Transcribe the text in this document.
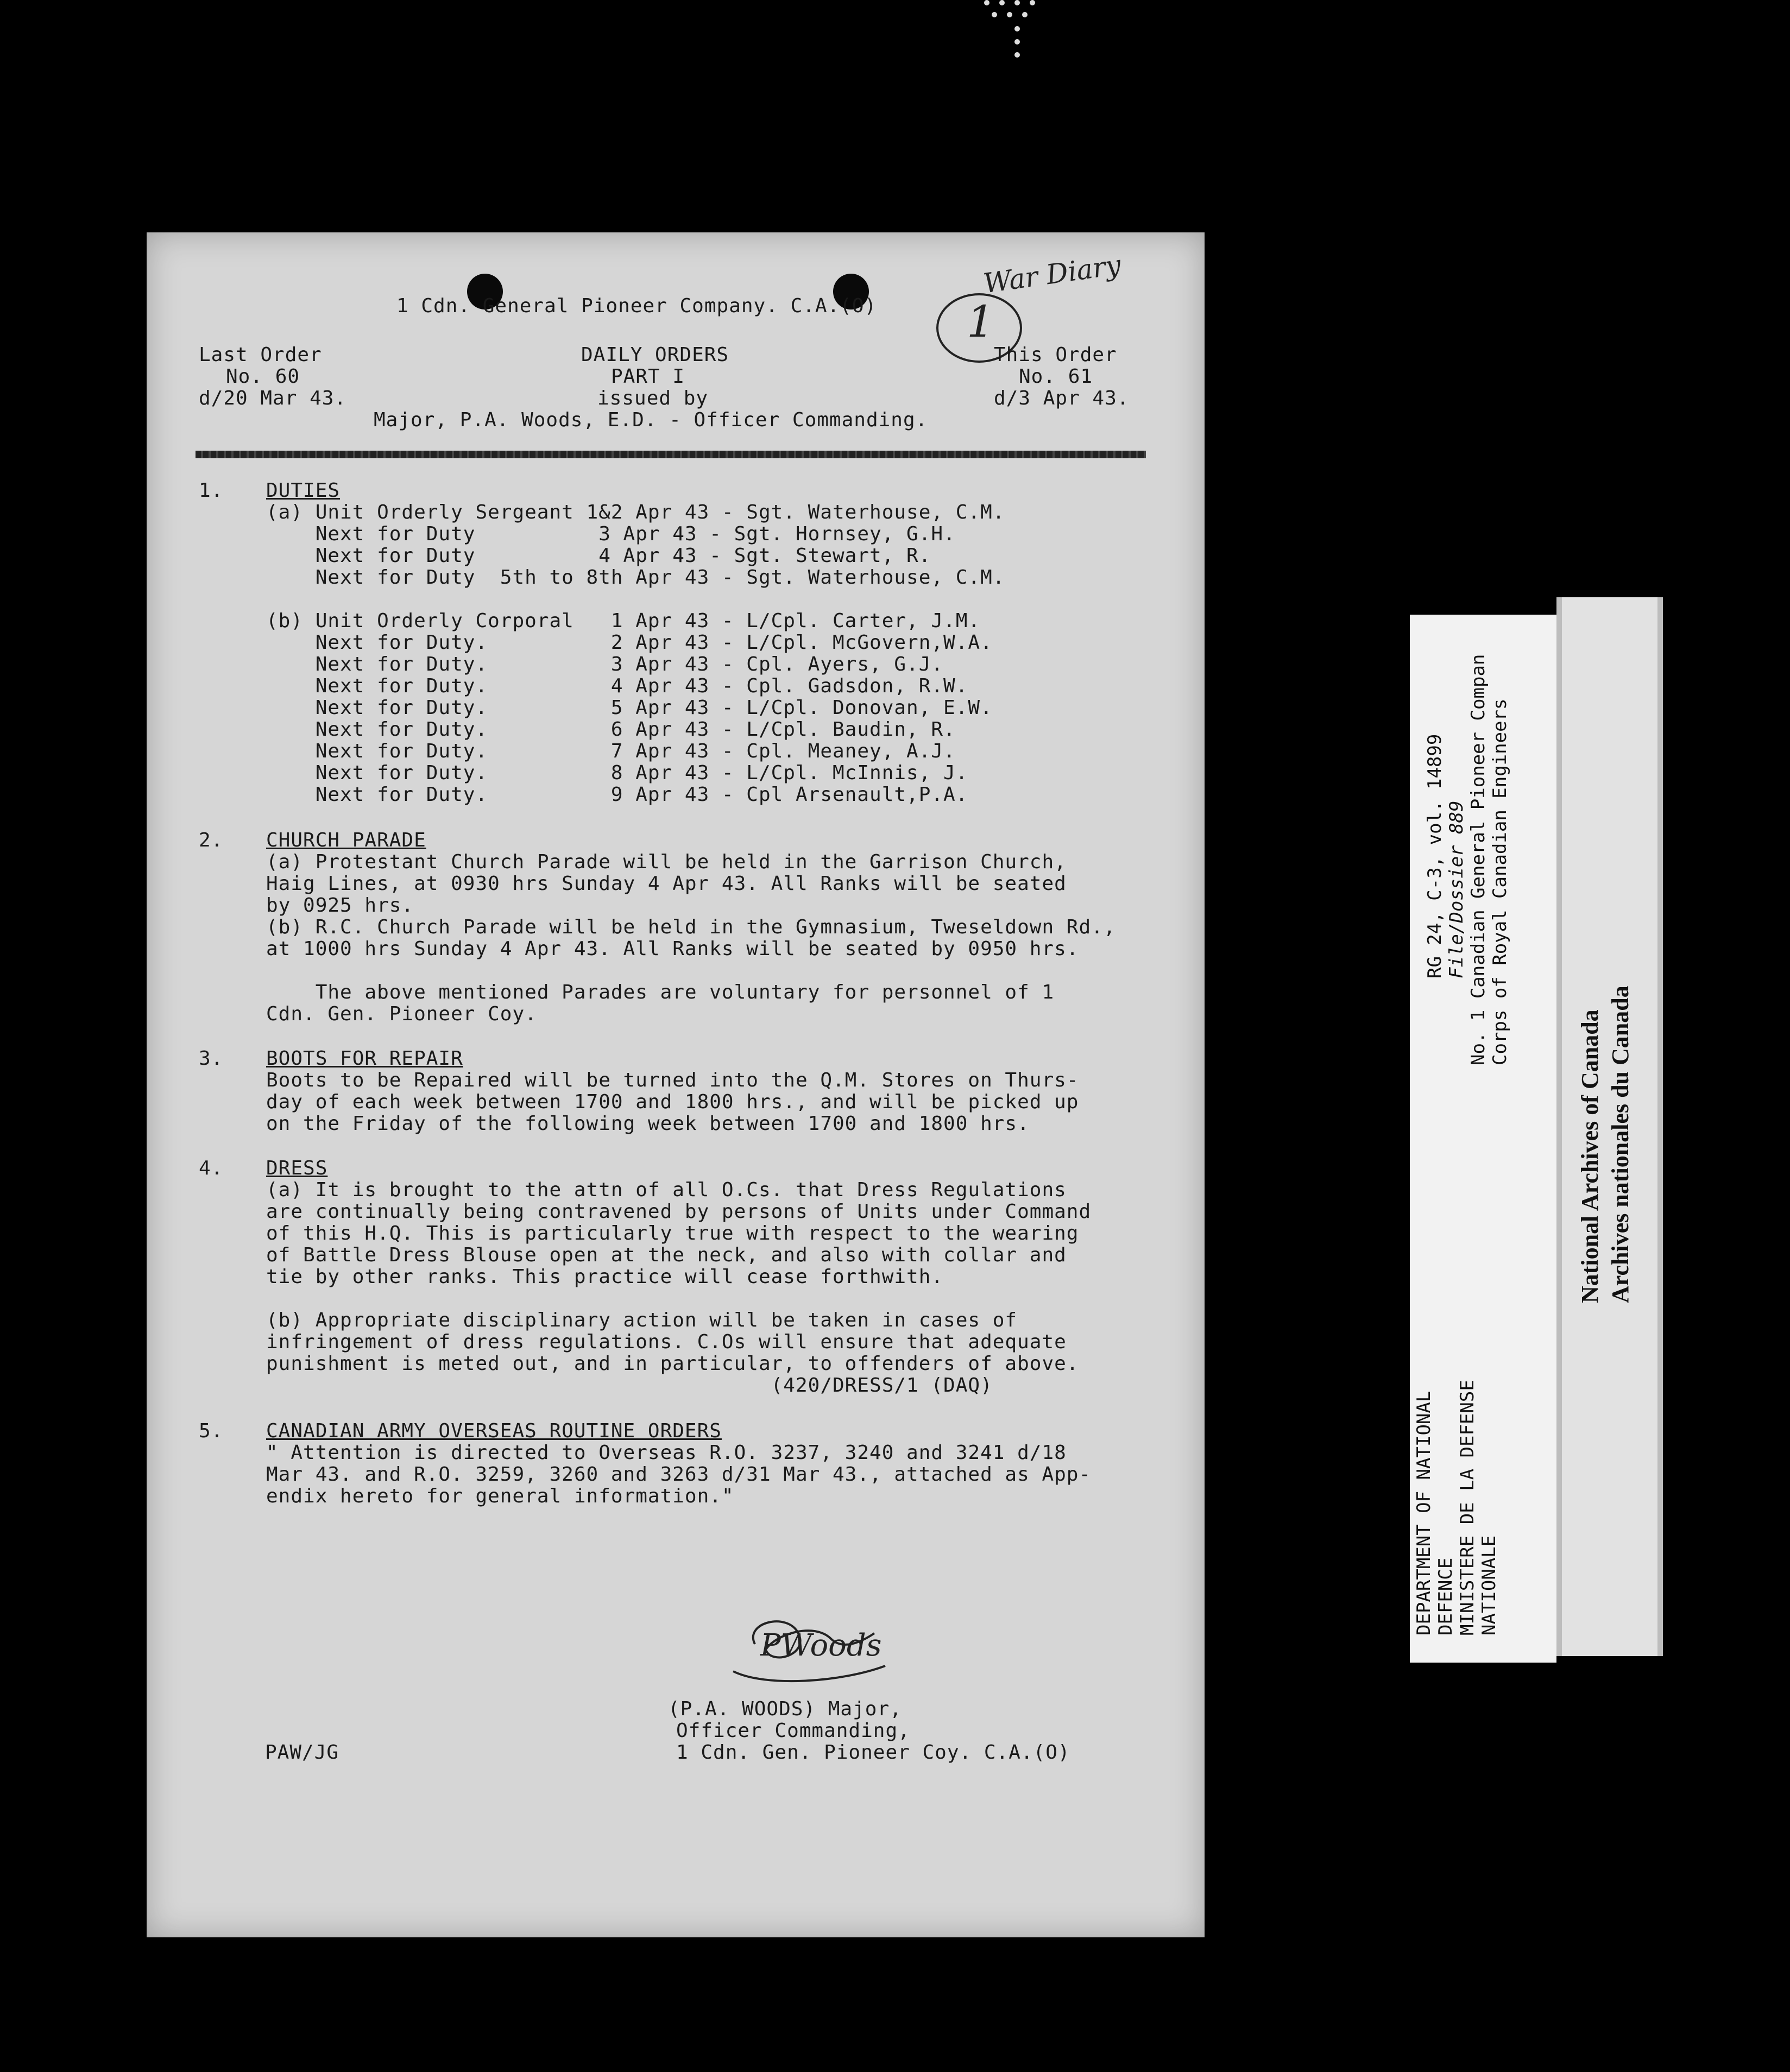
War Diary
1
1 Cdn. General Pioneer Company. C.A.(O)
Last Order
No. 60
d/20 Mar 43.
DAILY ORDERS
PART I
issued by
This Order
No. 61
d/3 Apr 43.
Major, P.A. Woods, E.D. - Officer Commanding.
1. DUTIES
(a) Unit Orderly Sergeant 1&2 Apr 43 - Sgt. Waterhouse, C.M.
Next for Duty          3 Apr 43 - Sgt. Hornsey, G.H.
Next for Duty          4 Apr 43 - Sgt. Stewart, R.
Next for Duty  5th to 8th Apr 43 - Sgt. Waterhouse, C.M.
(b) Unit Orderly Corporal   1 Apr 43 - L/Cpl. Carter, J.M.
Next for Duty.          2 Apr 43 - L/Cpl. McGovern,W.A.
Next for Duty.          3 Apr 43 - Cpl. Ayers, G.J.
Next for Duty.          4 Apr 43 - Cpl. Gadsdon, R.W.
Next for Duty.          5 Apr 43 - L/Cpl. Donovan, E.W.
Next for Duty.          6 Apr 43 - L/Cpl. Baudin, R.
Next for Duty.          7 Apr 43 - Cpl. Meaney, A.J.
Next for Duty.          8 Apr 43 - L/Cpl. McInnis, J.
Next for Duty.          9 Apr 43 - Cpl Arsenault,P.A.
2. CHURCH PARADE
(a) Protestant Church Parade will be held in the Garrison Church,
Haig Lines, at 0930 hrs Sunday 4 Apr 43. All Ranks will be seated
by 0925 hrs.
(b) R.C. Church Parade will be held in the Gymnasium, Tweseldown Rd.,
at 1000 hrs Sunday 4 Apr 43. All Ranks will be seated by 0950 hrs.
The above mentioned Parades are voluntary for personnel of 1
Cdn. Gen. Pioneer Coy.
3. BOOTS FOR REPAIR
Boots to be Repaired will be turned into the Q.M. Stores on Thurs-
day of each week between 1700 and 1800 hrs., and will be picked up
on the Friday of the following week between 1700 and 1800 hrs.
4. DRESS
(a) It is brought to the attn of all O.Cs. that Dress Regulations
are continually being contravened by persons of Units under Command
of this H.Q. This is particularly true with respect to the wearing
of Battle Dress Blouse open at the neck, and also with collar and
tie by other ranks. This practice will cease forthwith.
(b) Appropriate disciplinary action will be taken in cases of
infringement of dress regulations. C.Os will ensure that adequate
punishment is meted out, and in particular, to offenders of above.
(420/DRESS/1 (DAQ)
5. CANADIAN ARMY OVERSEAS ROUTINE ORDERS
" Attention is directed to Overseas R.O. 3237, 3240 and 3241 d/18
Mar 43. and R.O. 3259, 3260 and 3263 d/31 Mar 43., attached as App-
endix hereto for general information."
PWoods
(P.A. WOODS) Major,
Officer Commanding,
1 Cdn. Gen. Pioneer Coy. C.A.(O)
PAW/JG
RG 24, C-3, vol. 14899 File/Dossier 889 No. 1 Canadian General Pioneer Compan Corps of Royal Canadian Engineers
DEPARTMENT OF NATIONAL DEFENCE MINISTERE DE LA DEFENSE NATIONALE
National Archives of Canada Archives nationales du Canada
